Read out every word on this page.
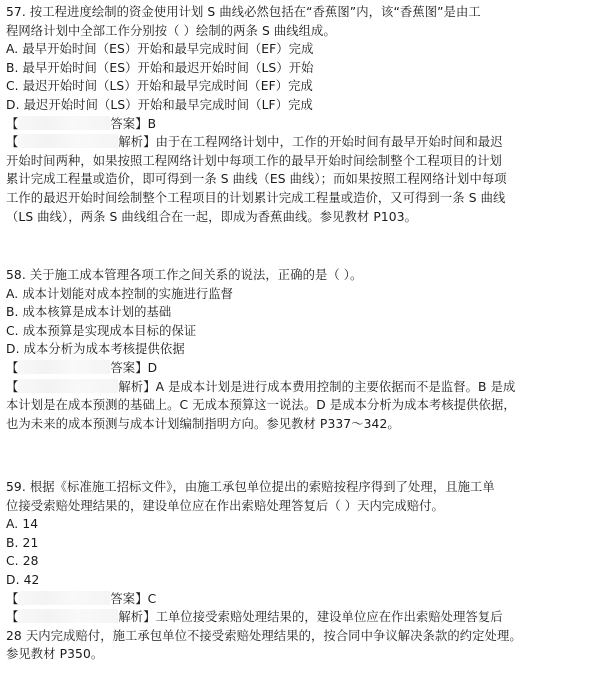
57. 按工程进度绘制的资金使用计划 S 曲线必然包括在“香蕉图”内，该“香蕉图”是由工
程网络计划中全部工作分别按（ ）绘制的两条 S 曲线组成。
A. 最早开始时间（ES）开始和最早完成时间（EF）完成
B. 最早开始时间（ES）开始和最迟开始时间（LS）开始
C. 最迟开始时间（LS）开始和最早完成时间（EF）完成
D. 最迟开始时间（LS）开始和最早完成时间（LF）完成
【	答案】B
【	解析】由于在工程网络计划中，工作的开始时间有最早开始时间和最迟
开始时间两种，如果按照工程网络计划中每项工作的最早开始时间绘制整个工程项目的计划
累计完成工程量或造价，即可得到一条 S 曲线（ES 曲线）；而如果按照工程网络计划中每项
工作的最迟开始时间绘制整个工程项目的计划累计完成工程量或造价，又可得到一条 S 曲线
（LS 曲线），两条 S 曲线组合在一起，即成为香蕉曲线。参见教材 P103。
58. 关于施工成本管理各项工作之间关系的说法，正确的是（ ）。
A. 成本计划能对成本控制的实施进行监督
B. 成本核算是成本计划的基础
C. 成本预算是实现成本目标的保证
D. 成本分析为成本考核提供依据
【	答案】D
【	解析】A 是成本计划是进行成本费用控制的主要依据而不是监督。B 是成
本计划是在成本预测的基础上。C 无成本预算这一说法。D 是成本分析为成本考核提供依据，
也为未来的成本预测与成本计划编制指明方向。参见教材 P337～342。
59. 根据《标准施工招标文件》，由施工承包单位提出的索赔按程序得到了处理，且施工单
位接受索赔处理结果的，建设单位应在作出索赔处理答复后（ ）天内完成赔付。
A. 14
B. 21
C. 28
D. 42
【	答案】C
【	解析】工单位接受索赔处理结果的，建设单位应在作出索赔处理答复后
28 天内完成赔付，施工承包单位不接受索赔处理结果的，按合同中争议解决条款的约定处理。
参见教材 P350。
